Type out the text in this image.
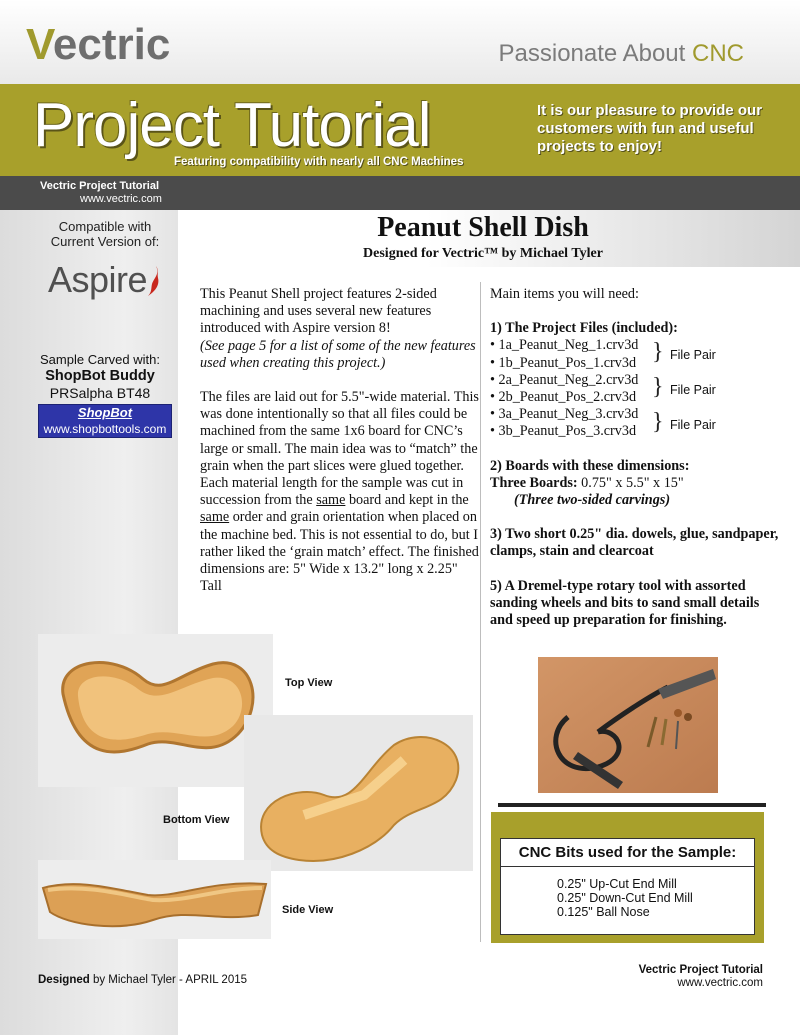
Vectric	Passionate About CNC
Project Tutorial
Featuring compatibility with nearly all CNC Machines
It is our pleasure to provide our customers with fun and useful projects to enjoy!
Vectric Project Tutorial
www.vectric.com
Compatible with Current Version of:
Aspire
Sample Carved with:
ShopBot Buddy
PRSalpha BT48
ShopBot
www.shopbottools.com
Peanut Shell Dish
Designed for Vectric™ by Michael Tyler

This Peanut Shell project features 2-sided machining and uses several new features introduced with Aspire version 8!
(See page 5 for a list of some of the new features used when creating this project.)

The files are laid out for 5.5"-wide material. This was done intentionally so that all files could be machined from the same 1x6 board for CNC’s large or small. The main idea was to “match” the grain when the part slices were glued together. Each material length for the sample was cut in succession from the same board and kept in the same order and grain orientation when placed on the machine bed. This is not essential to do, but I rather liked the ‘grain match’ effect. The finished dimensions are: 5" Wide x 13.2" long x 2.25" Tall

Main items you will need:
1) The Project Files (included):
• 1a_Peanut_Neg_1.crv3d
• 1b_Peanut_Pos_1.crv3d
• 2a_Peanut_Neg_2.crv3d
• 2b_Peanut_Pos_2.crv3d
• 3a_Peanut_Neg_3.crv3d
• 3b_Peanut_Pos_3.crv3d
} File Pair
} File Pair
} File Pair
2) Boards with these dimensions:
Three Boards: 0.75" x 5.5" x 15"
(Three two-sided carvings)
3) Two short 0.25" dia. dowels, glue, sandpaper, clamps, stain and clearcoat
5) A Dremel-type rotary tool with assorted sanding wheels and bits to sand small details and speed up preparation for finishing.
Top View
Bottom View
Side View
CNC Bits used for the Sample:
0.25" Up-Cut End Mill
0.25" Down-Cut End Mill
0.125" Ball Nose
Designed by Michael Tyler - APRIL 2015
Vectric Project Tutorial
www.vectric.com
